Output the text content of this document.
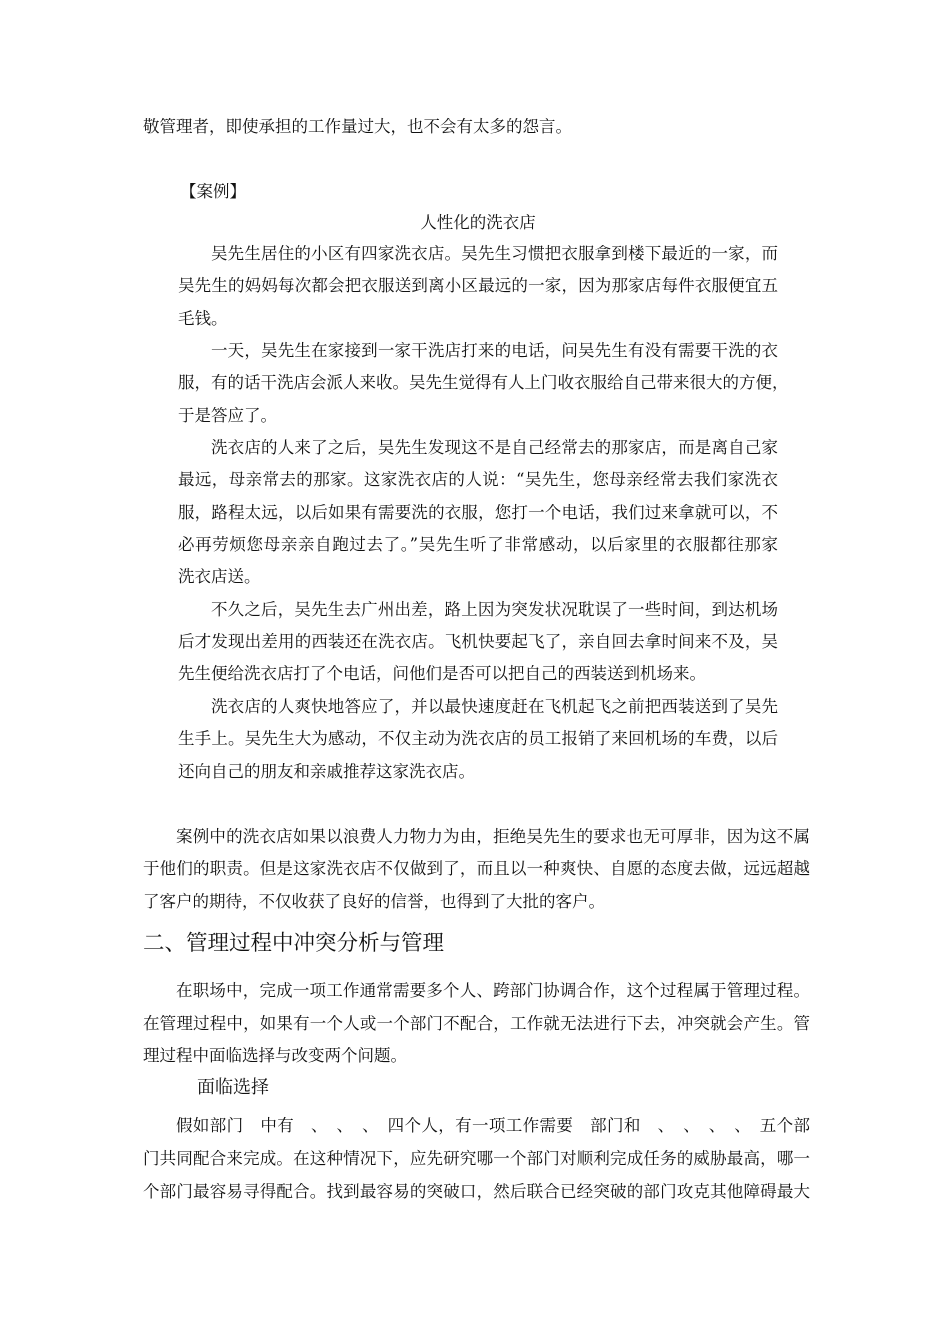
敬管理者，即使承担的工作量过大，也不会有太多的怨言。
【案例】
人性化的洗衣店
吴先生居住的小区有四家洗衣店。吴先生习惯把衣服拿到楼下最近的一家，而
吴先生的妈妈每次都会把衣服送到离小区最远的一家，因为那家店每件衣服便宜五
毛钱。
一天，吴先生在家接到一家干洗店打来的电话，问吴先生有没有需要干洗的衣
服，有的话干洗店会派人来收。吴先生觉得有人上门收衣服给自己带来很大的方便，
于是答应了。
洗衣店的人来了之后，吴先生发现这不是自己经常去的那家店，而是离自己家
最远，母亲常去的那家。这家洗衣店的人说：“吴先生，您母亲经常去我们家洗衣
服，路程太远，以后如果有需要洗的衣服，您打一个电话，我们过来拿就可以，不
必再劳烦您母亲亲自跑过去了。”吴先生听了非常感动，以后家里的衣服都往那家
洗衣店送。
不久之后，吴先生去广州出差，路上因为突发状况耽误了一些时间，到达机场
后才发现出差用的西装还在洗衣店。飞机快要起飞了，亲自回去拿时间来不及，吴
先生便给洗衣店打了个电话，问他们是否可以把自己的西装送到机场来。
洗衣店的人爽快地答应了，并以最快速度赶在飞机起飞之前把西装送到了吴先
生手上。吴先生大为感动，不仅主动为洗衣店的员工报销了来回机场的车费，以后
还向自己的朋友和亲戚推荐这家洗衣店。
案例中的洗衣店如果以浪费人力物力为由，拒绝吴先生的要求也无可厚非，因为这不属
于他们的职责。但是这家洗衣店不仅做到了，而且以一种爽快、自愿的态度去做，远远超越
了客户的期待，不仅收获了良好的信誉，也得到了大批的客户。
二、管理过程中冲突分析与管理
在职场中，完成一项工作通常需要多个人、跨部门协调合作，这个过程属于管理过程。
在管理过程中，如果有一个人或一个部门不配合，工作就无法进行下去，冲突就会产生。管
理过程中面临选择与改变两个问题。
面临选择
假如部门　中有　、　、　、　四个人，有一项工作需要　部门和　、　、　、　、　五个部
门共同配合来完成。在这种情况下，应先研究哪一个部门对顺利完成任务的威胁最高，哪一
个部门最容易寻得配合。找到最容易的突破口，然后联合已经突破的部门攻克其他障碍最大
